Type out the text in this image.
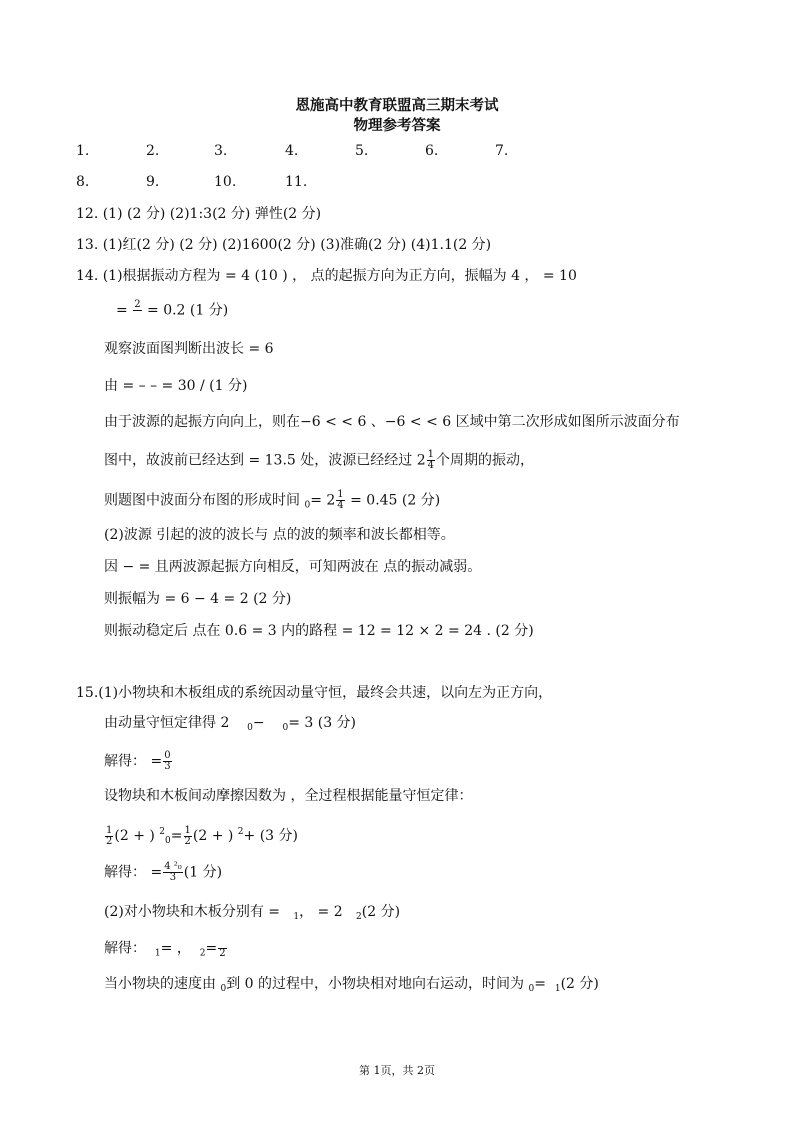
恩施高中教育联盟高三期末考试
物理参考答案
1.	2.	3.	4.	5.	6.	7.
8.	9.	10.	11.
12. (1) (2 分) (2)1:3(2 分) 弹性(2 分)
13. (1)红(2 分) (2 分) (2)1600(2 分) (3)准确(2 分) (4)1.1(2 分)
14. (1)根据振动方程为 = 4 (10 ) ， 点的起振方向为正方向，振幅为 4 ， = 10
= 2
= 0.2 (1 分)
观察波面图判断出波长 = 6
由 = – – = 30 / (1 分)
由于波源的起振方向向上，则在−6 < < 6 、−6 < < 6 区域中第二次形成如图所示波面分布
图中，故波前已经达到 = 13.5 处，波源已经经过 $2 \frac{1}{4}$ 个周期的振动，
则题图中波面分布图的形成时间 $_0= 2 \frac{1}{4} = 0.45$ (2 分)
(2)波源 引起的波的波长与 点的波的频率和波长都相等。
因 − = 且两波源起振方向相反，可知两波在 点的振动减弱。
则振幅为 = 6 − 4 = 2 (2 分)
则振动稳定后 点在 0.6 = 3 内的路程 = 12 = 12 × 2 = 24 . (2 分)
15.(1)小物块和木板组成的系统因动量守恒，最终会共速，以向左为正方向，
由动量守恒定律得 2 $_0$− $_0$= 3 (3 分)
解得： = $\frac{0}{3}$
设物块和木板间动摩擦因数为 ，全过程根据能量守恒定律：
$\frac{1}{2} (2$ + ) $^2_0= \frac{1}{2} (2$ + ) $^2$+ (3 分)
解得： = $\frac{\text{4 ²₀}}{3} (1$ 分)
(2)对小物块和木板分别有 = $_1$， = 2 $_2$(2 分)
解得： $_1$= ， $_2$=
2
当小物块的速度由 $_0$到 0 的过程中，小物块相对地向右运动，时间为 $_0$= $_1$(2 分)
第 1页，共 2页
